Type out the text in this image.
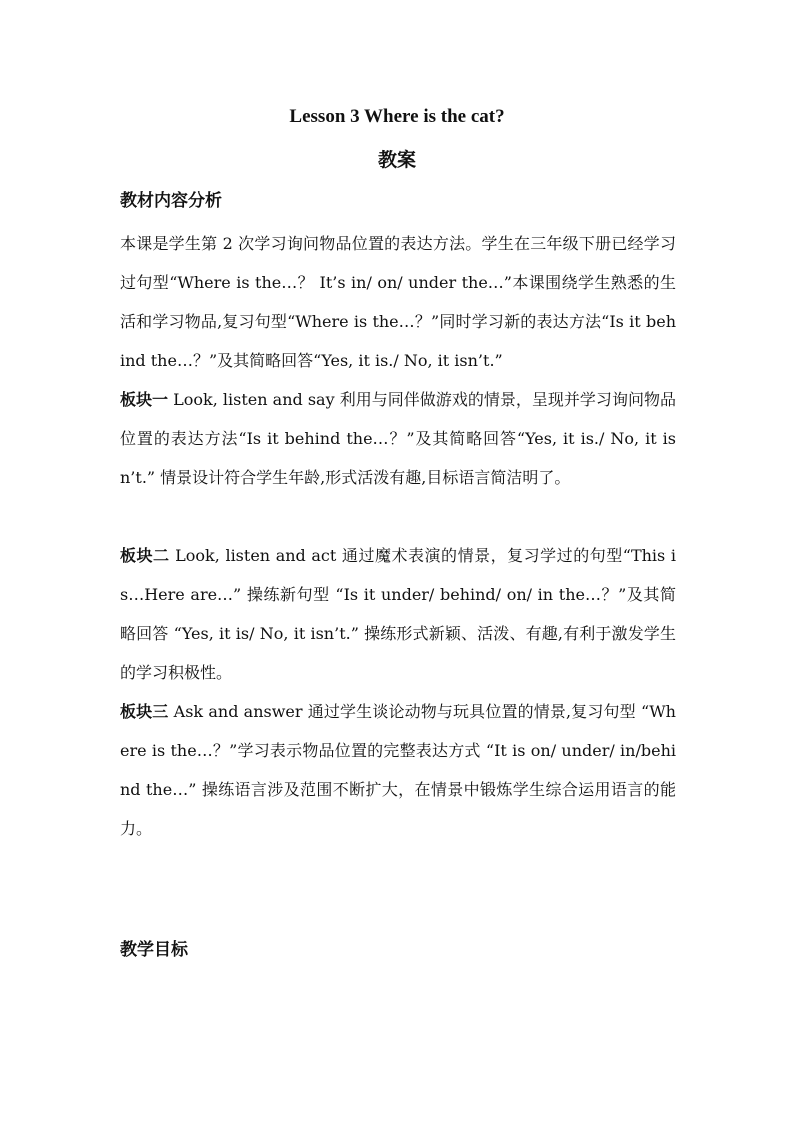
Lesson 3 Where is the cat?
教案
教材内容分析
本课是学生第 2 次学习询问物品位置的表达方法。学生在三年级下册已经学习过句型“Where is the…？ It’s in/ on/ under the…”本课围绕学生熟悉的生活和学习物品,复习句型“Where is the…？”同时学习新的表达方法“Is it behind the…？”及其简略回答“Yes, it is./ No, it isn’t.”
板块一 Look, listen and say 利用与同伴做游戏的情景，呈现并学习询问物品位置的表达方法“Is it behind the…？”及其简略回答“Yes, it is./ No, it isn’t.” 情景设计符合学生年龄,形式活泼有趣,目标语言简洁明了。
板块二 Look, listen and act 通过魔术表演的情景，复习学过的句型“This is…Here are…” 操练新句型 “Is it under/ behind/ on/ in the…？”及其简略回答 “Yes, it is/ No, it isn’t.” 操练形式新颖、活泼、有趣,有利于激发学生的学习积极性。
板块三 Ask and answer 通过学生谈论动物与玩具位置的情景,复习句型 “Where is the…？”学习表示物品位置的完整表达方式 “It is on/ under/ in/behind the…” 操练语言涉及范围不断扩大，在情景中锻炼学生综合运用语言的能力。
教学目标
